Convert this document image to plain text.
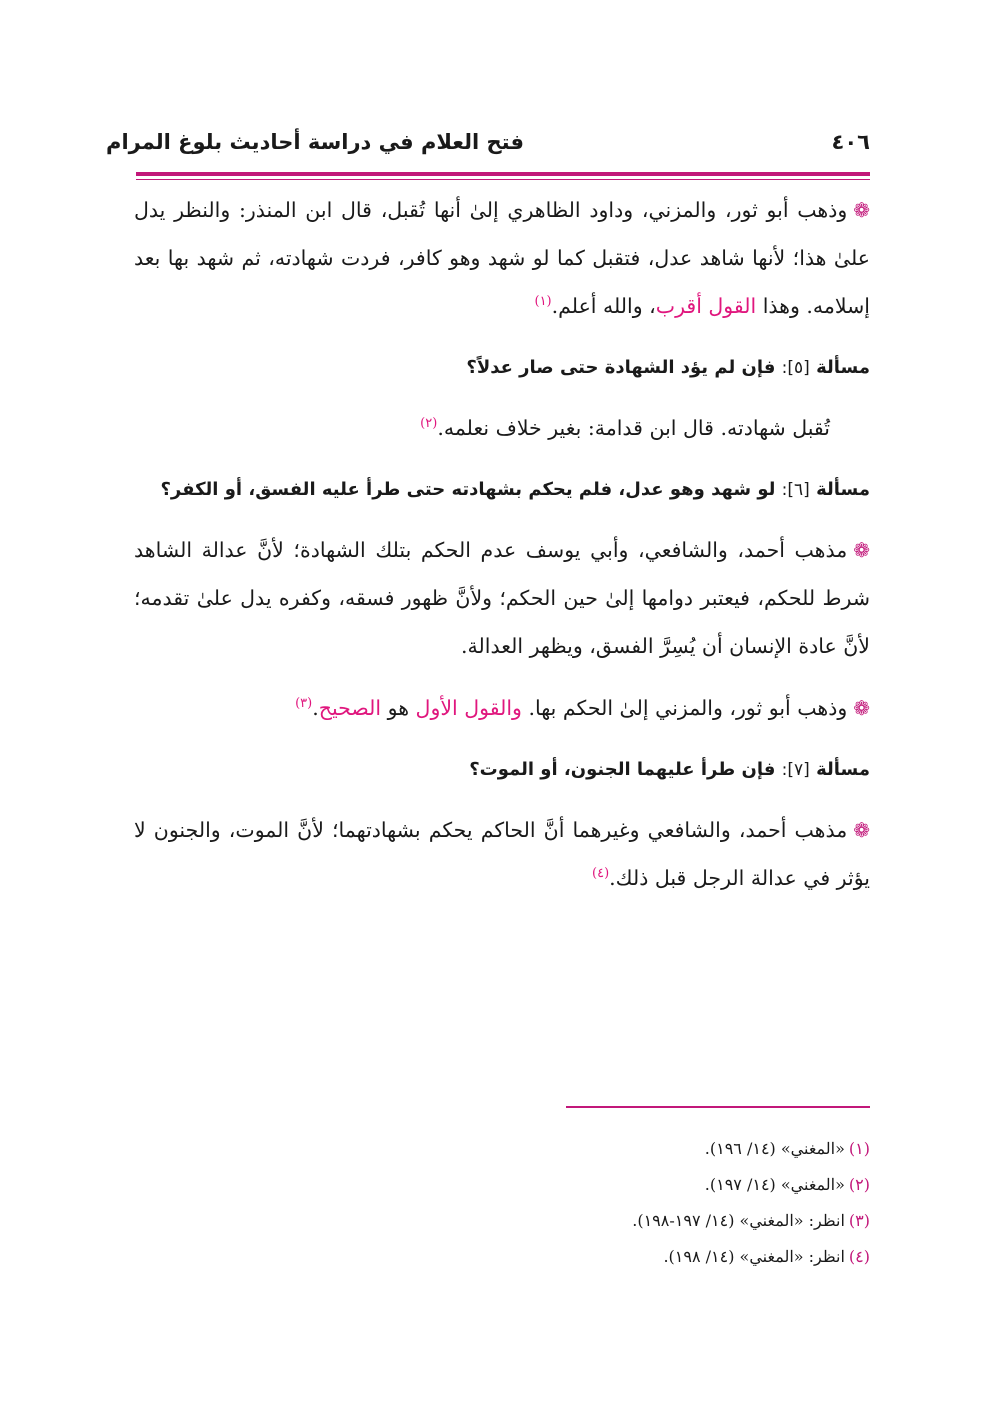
٤٠٦
فتح العلام في دراسة أحاديث بلوغ المرام

❁وذهب أبو ثور، والمزني، وداود الظاهري إلىٰ أنها تُقبل، قال ابن المنذر: والنظر يدل علىٰ هذا؛ لأنها شاهد عدل، فتقبل كما لو شهد وهو كافر، فردت شهادته، ثم شهد بها بعد إسلامه. وهذا القول أقرب، والله أعلم.$^{(١)}$

مسألة [٥]: فإن لم يؤد الشهادة حتى صار عدلاً؟

تُقبل شهادته. قال ابن قدامة: بغير خلاف نعلمه.$^{(٢)}$

مسألة [٦]: لو شهد وهو عدل، فلم يحكم بشهادته حتى طرأ عليه الفسق، أو الكفر؟

❁مذهب أحمد، والشافعي، وأبي يوسف عدم الحكم بتلك الشهادة؛ لأنَّ عدالة الشاهد شرط للحكم، فيعتبر دوامها إلىٰ حين الحكم؛ ولأنَّ ظهور فسقه، وكفره يدل علىٰ تقدمه؛ لأنَّ عادة الإنسان أن يُسِرَّ الفسق، ويظهر العدالة.

❁وذهب أبو ثور، والمزني إلىٰ الحكم بها. والقول الأول هو الصحيح.$^{(٣)}$

مسألة [٧]: فإن طرأ عليهما الجنون، أو الموت؟

❁مذهب أحمد، والشافعي وغيرهما أنَّ الحاكم يحكم بشهادتهما؛ لأنَّ الموت، والجنون لا يؤثر في عدالة الرجل قبل ذلك.$^{(٤)}$

(١)«المغني» (١٤/ ١٩٦).
(٢)«المغني» (١٤/ ١٩٧).
(٣)انظر: «المغني» (١٤/ ١٩٧-١٩٨).
(٤)انظر: «المغني» (١٤/ ١٩٨).
